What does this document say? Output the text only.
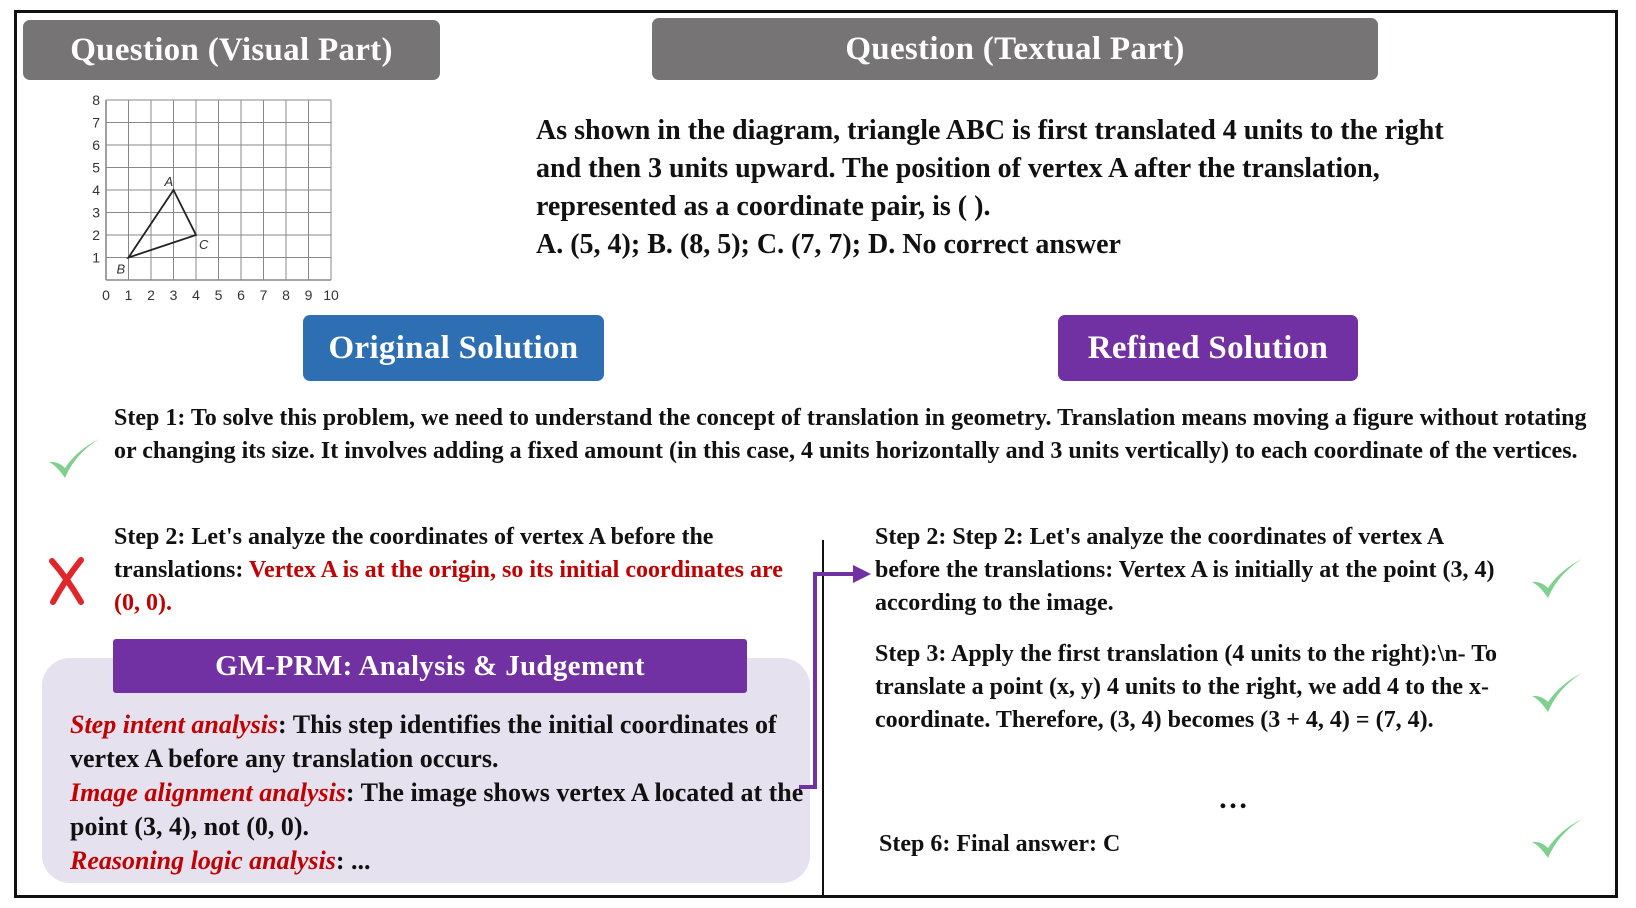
Question (Visual Part)	Question (Textual Part)
Original Solution	Refined Solution
0 1 2 3 4 5 6 7 8 9 10
1
2
3
4
5
6
7
8
A
B
C
As shown in the diagram, triangle ABC is first translated 4 units to the right
and then 3 units upward. The position of vertex A after the translation,
represented as a coordinate pair, is ( ).
A. (5, 4); B. (8, 5); C. (7, 7); D. No correct answer
Step 1: To solve this problem, we need to understand the concept of translation in geometry. Translation means moving a figure without rotating or changing its size. It involves adding a fixed amount (in this case, 4 units horizontally and 3 units vertically) to each coordinate of the vertices.
Step 2: Let's analyze the coordinates of vertex A before the translations: Vertex A is at the origin, so its initial coordinates are (0, 0).
GM-PRM: Analysis & Judgement
Step intent analysis: This step identifies the initial coordinates of vertex A before any translation occurs.
Image alignment analysis: The image shows vertex A located at the point (3, 4), not (0, 0).
Reasoning logic analysis: ...
Step 2: Step 2: Let's analyze the coordinates of vertex A before the translations: Vertex A is initially at the point (3, 4) according to the image.
Step 3: Apply the first translation (4 units to the right):\n- To translate a point (x, y) 4 units to the right, we add 4 to the x-coordinate. Therefore, (3, 4) becomes (3 + 4, 4) = (7, 4).
…
Step 6: Final answer: C
